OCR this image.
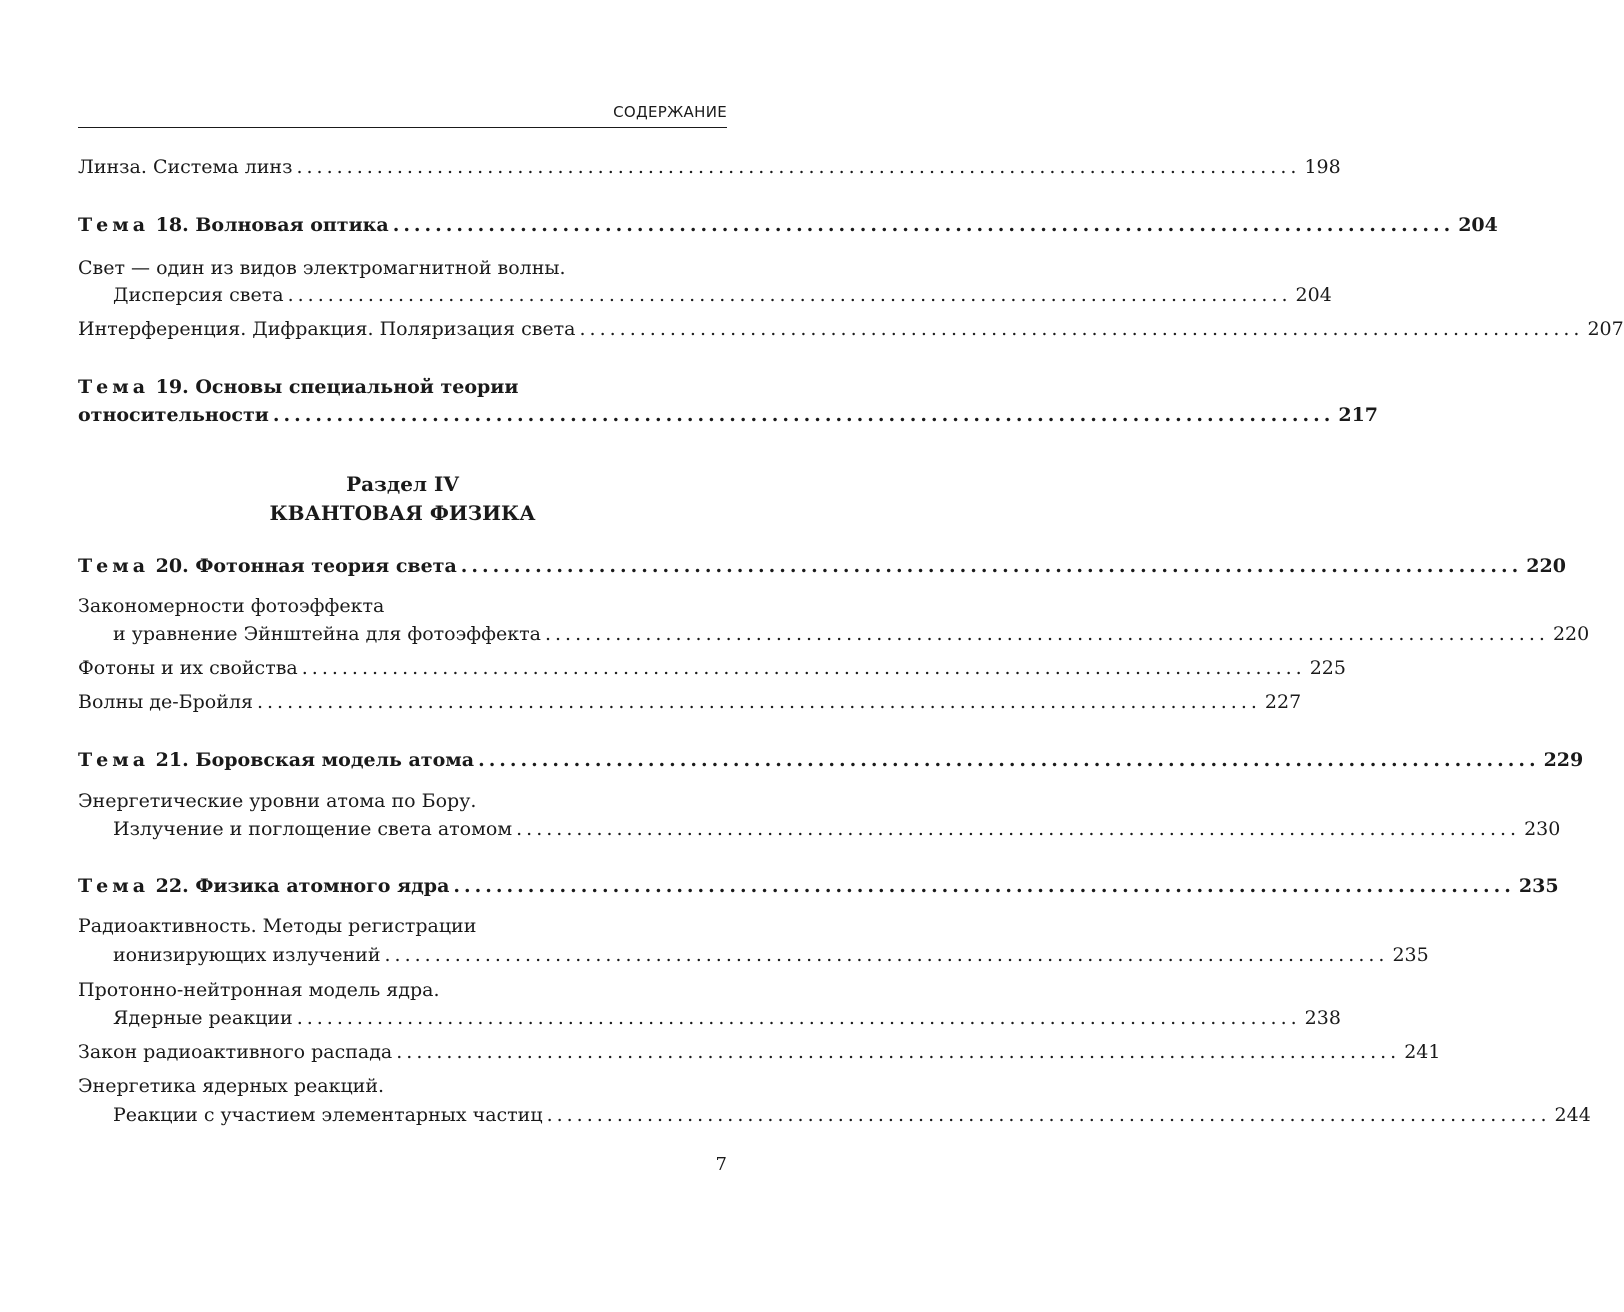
СОДЕРЖАНИЕ
Линза. Система линз .................................................................................................... 198
Тема 18. Волновая оптика .................................................................................................... 204
Свет — один из видов электромагнитной волны.
Дисперсия света .................................................................................................... 204
Интерференция. Дифракция. Поляризация света .................................................................................................... 207
Тема 19. Основы специальной теории
относительности .................................................................................................... 217
Раздел IV
КВАНТОВАЯ ФИЗИКА
Тема 20. Фотонная теория света .................................................................................................... 220
Закономерности фотоэффекта
и уравнение Эйнштейна для фотоэффекта .................................................................................................... 220
Фотоны и их свойства .................................................................................................... 225
Волны де-Бройля .................................................................................................... 227
Тема 21. Боровская модель атома .................................................................................................... 229
Энергетические уровни атома по Бору.
Излучение и поглощение света атомом .................................................................................................... 230
Тема 22. Физика атомного ядра .................................................................................................... 235
Радиоактивность. Методы регистрации
ионизирующих излучений .................................................................................................... 235
Протонно-нейтронная модель ядра.
Ядерные реакции .................................................................................................... 238
Закон радиоактивного распада .................................................................................................... 241
Энергетика ядерных реакций.
Реакции с участием элементарных частиц .................................................................................................... 244
7
